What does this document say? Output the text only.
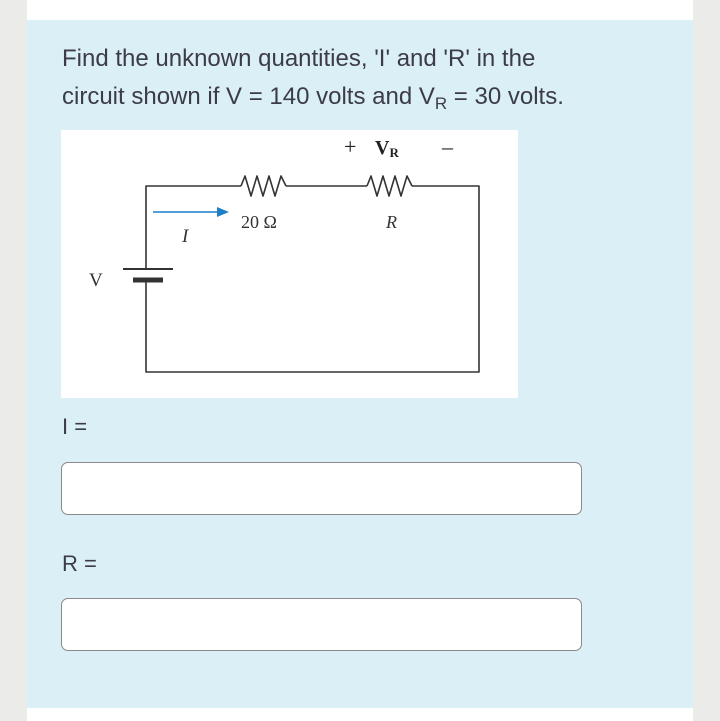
Find the unknown quantities, 'I' and 'R' in the
circuit shown if V = 140 volts and $V_R = 30$ volts.

+ VR –
20 Ω	R
I
V

I =

R =
